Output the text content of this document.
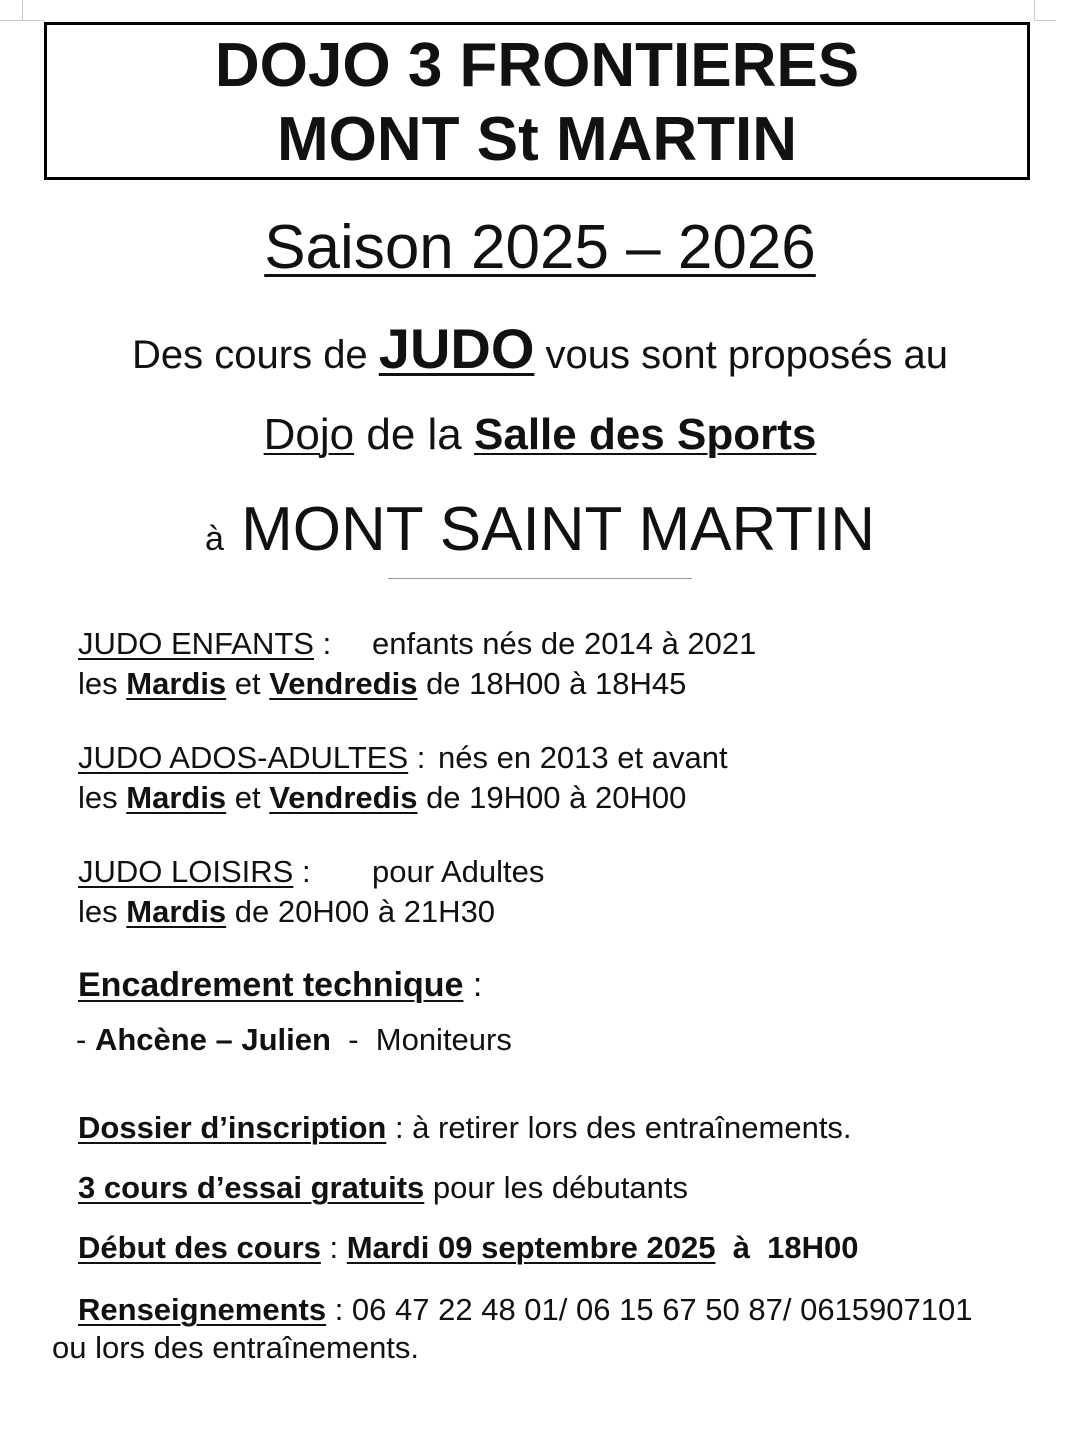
DOJO 3 FRONTIERES
MONT St MARTIN
Saison 2025 – 2026
Des cours de JUDO vous sont proposés au
Dojo de la Salle des Sports
à MONT SAINT MARTIN
JUDO ENFANTS : enfants nés de 2014 à 2021
les Mardis et Vendredis de 18H00 à 18H45
JUDO ADOS-ADULTES : nés en 2013 et avant
les Mardis et Vendredis de 19H00 à 20H00
JUDO LOISIRS : pour Adultes
les Mardis de 20H00 à 21H30
Encadrement technique :
- Ahcène – Julien  -  Moniteurs
Dossier d’inscription : à retirer lors des entraînements.
3 cours d’essai gratuits pour les débutants
Début des cours : Mardi 09 septembre 2025  à  18H00
Renseignements : 06 47 22 48 01/ 06 15 67 50 87/ 0615907101
ou lors des entraînements.
